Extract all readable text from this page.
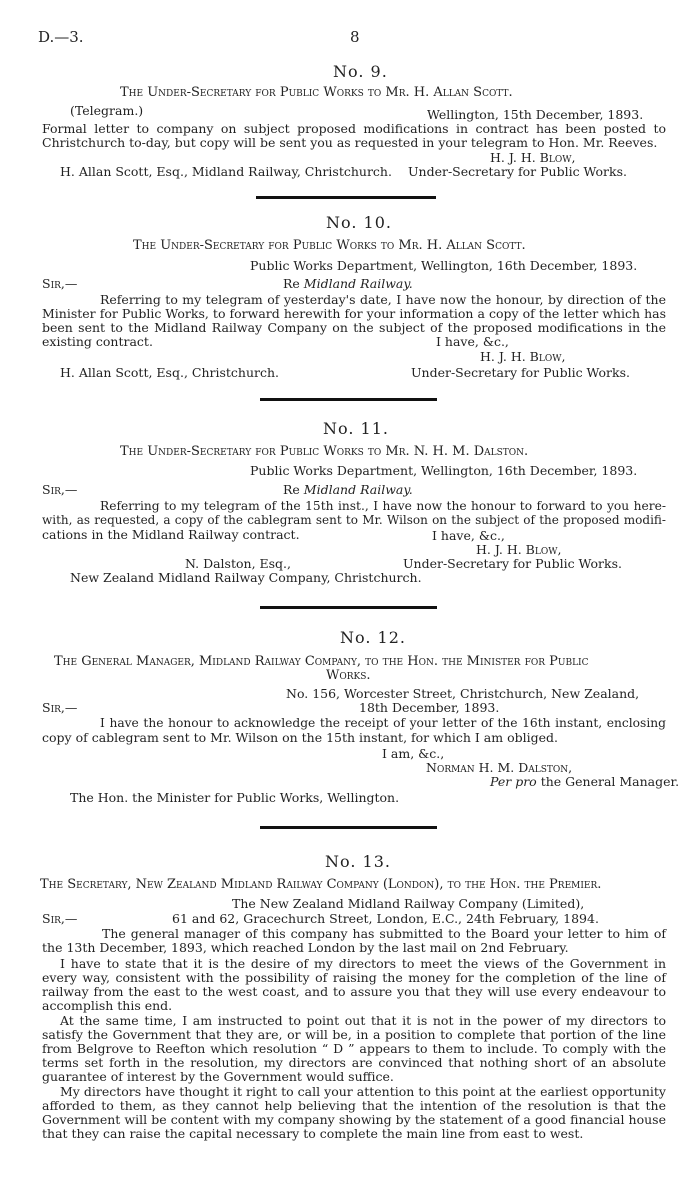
D.—3.	8
No. 9.
The Under-Secretary for Public Works to Mr. H. Allan Scott.
(Telegram.)	Wellington, 15th December, 1893.
Formal letter to company on subject proposed modifications in contract has been posted to
Christchurch to-day, but copy will be sent you as requested in your telegram to Hon. Mr. Reeves.
H. J. H. Blow,
H. Allan Scott, Esq., Midland Railway, Christchurch. Under-Secretary for Public Works.
No. 10.
The Under-Secretary for Public Works to Mr. H. Allan Scott.
Public Works Department, Wellington, 16th December, 1893.
Sir,—	Re Midland Railway.
Referring to my telegram of yesterday's date, I have now the honour, by direction of the
Minister for Public Works, to forward herewith for your information a copy of the letter which has
been sent to the Midland Railway Company on the subject of the proposed modifications in the
existing contract.	I have, &c.,
H. J. H. Blow,
H. Allan Scott, Esq., Christchurch.	Under-Secretary for Public Works.
No. 11.
The Under-Secretary for Public Works to Mr. N. H. M. Dalston.
Public Works Department, Wellington, 16th December, 1893.
Sir,—	Re Midland Railway.
Referring to my telegram of the 15th inst., I have now the honour to forward to you here-
with, as requested, a copy of the cablegram sent to Mr. Wilson on the subject of the proposed modifi-
cations in the Midland Railway contract.	I have, &c.,
H. J. H. Blow,
N. Dalston, Esq.,	Under-Secretary for Public Works.
New Zealand Midland Railway Company, Christchurch.
No. 12.
The General Manager, Midland Railway Company, to the Hon. the Minister for Public
Works.
No. 156, Worcester Street, Christchurch, New Zealand,
Sir,—	18th December, 1893.
I have the honour to acknowledge the receipt of your letter of the 16th instant, enclosing
copy of cablegram sent to Mr. Wilson on the 15th instant, for which I am obliged.
I am, &c.,
Norman H. M. Dalston,
Per pro the General Manager.
The Hon. the Minister for Public Works, Wellington.
No. 13.
The Secretary, New Zealand Midland Railway Company (London), to the Hon. the Premier.
The New Zealand Midland Railway Company (Limited),
Sir,—	61 and 62, Gracechurch Street, London, E.C., 24th February, 1894.
The general manager of this company has submitted to the Board your letter to him of
the 13th December, 1893, which reached London by the last mail on 2nd February.
I have to state that it is the desire of my directors to meet the views of the Government in
every way, consistent with the possibility of raising the money for the completion of the line of
railway from the east to the west coast, and to assure you that they will use every endeavour to
accomplish this end.
At the same time, I am instructed to point out that it is not in the power of my directors to
satisfy the Government that they are, or will be, in a position to complete that portion of the line
from Belgrove to Reefton which resolution “ D ” appears to them to include. To comply with the
terms set forth in the resolution, my directors are convinced that nothing short of an absolute
guarantee of interest by the Government would suffice.
My directors have thought it right to call your attention to this point at the earliest opportunity
afforded to them, as they cannot help believing that the intention of the resolution is that the
Government will be content with my company showing by the statement of a good financial house
that they can raise the capital necessary to complete the main line from east to west.
